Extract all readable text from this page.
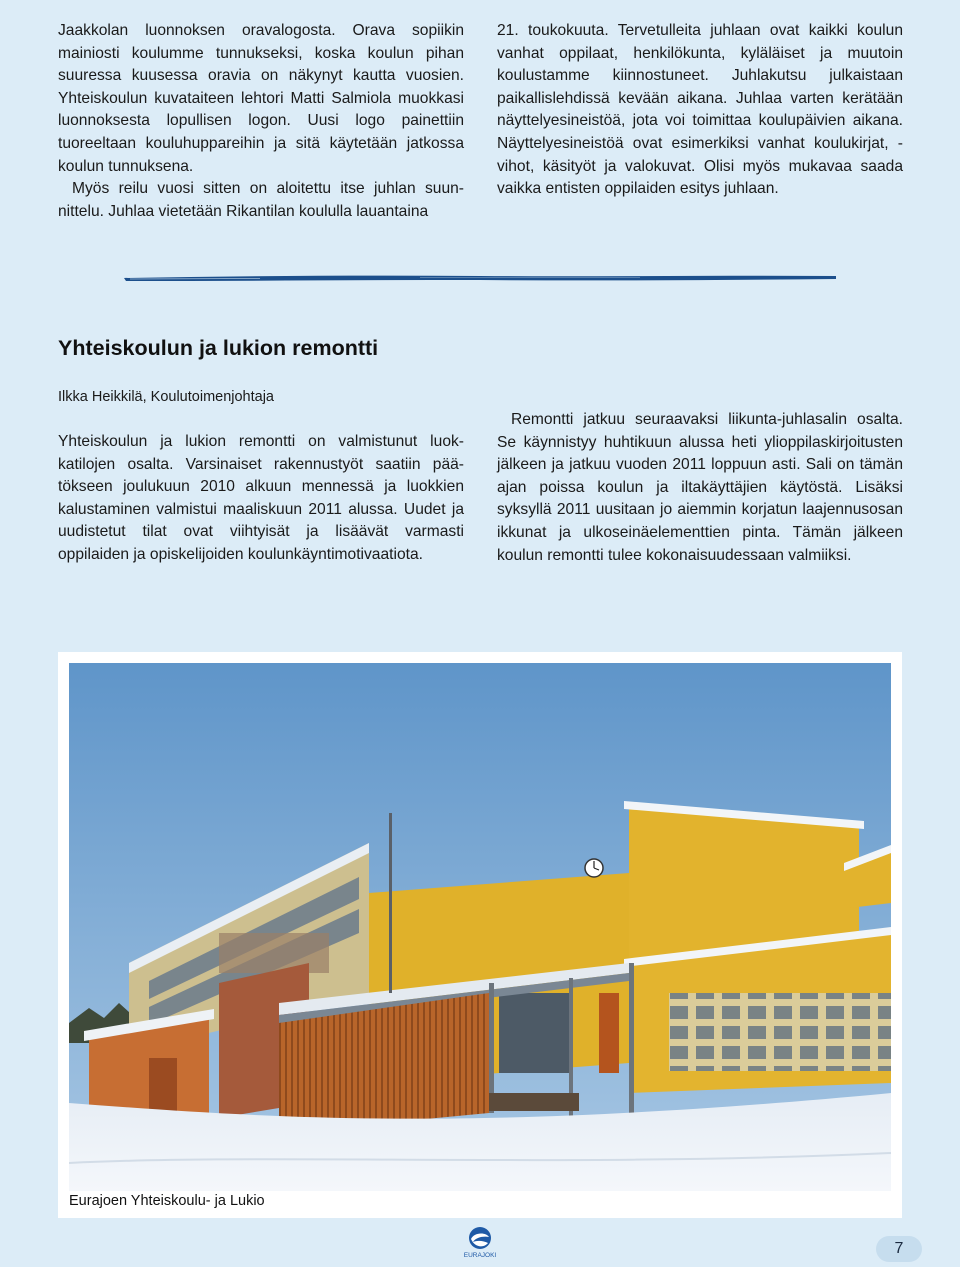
Jaakkolan luonnoksen oravalogosta. Orava sopiikin mainiosti koulumme tunnukseksi, koska koulun pihan suuressa kuusessa oravia on näkynyt kautta vuosien. Yhteiskoulun kuvataiteen lehtori Matti Salmiola muokkasi luonnoksesta lopullisen logon. Uusi logo painettiin tuoreeltaan kouluhuppareihin ja sitä käytetään jatkossa koulun tunnuksena.

Myös reilu vuosi sitten on aloitettu itse juhlan suunnittelu. Juhlaa vietetään Rikantilan koululla lauantaina

21. toukokuuta. Tervetulleita juhlaan ovat kaikki koulun vanhat oppilaat, henkilökunta, kyläläiset ja muutoin koulustamme kiinnostuneet. Juhlakutsu julkaistaan paikallislehdissä kevään aikana. Juhlaa varten kerätään näyttelyesineistöä, jota voi toimittaa koulupäivien aikana. Näyttelyesineistöä ovat esimerkiksi vanhat koulukirjat, -vihot, käsityöt ja valokuvat. Olisi myös mukavaa saada vaikka entisten oppilaiden esitys juhlaan.

Yhteiskoulun ja lukion remontti
Ilkka Heikkilä, Koulutoimenjohtaja

Yhteiskoulun ja lukion remontti on valmistunut luokkatilojen osalta. Varsinaiset rakennustyöt saatiin päätökseen joulukuun 2010 alkuun mennessä ja luokkien kalustaminen valmistui maaliskuun 2011 alussa. Uudet ja uudistetut tilat ovat viihtyisät ja lisäävät varmasti oppilaiden ja opiskelijoiden koulunkäyntimotivaatiota.

Remontti jatkuu seuraavaksi liikunta-juhlasalin osalta. Se käynnistyy huhtikuun alussa heti ylioppilaskirjoitusten jälkeen ja jatkuu vuoden 2011 loppuun asti. Sali on tämän ajan poissa koulun ja iltakäyttäjien käytöstä. Lisäksi syksyllä 2011 uusitaan jo aiemmin korjatun laajennusosan ikkunat ja ulkoseinäelementtien pinta. Tämän jälkeen koulun remontti tulee kokonaisuudessaan valmiiksi.

Eurajoen Yhteiskoulu- ja Lukio
EURAJOKI	7
